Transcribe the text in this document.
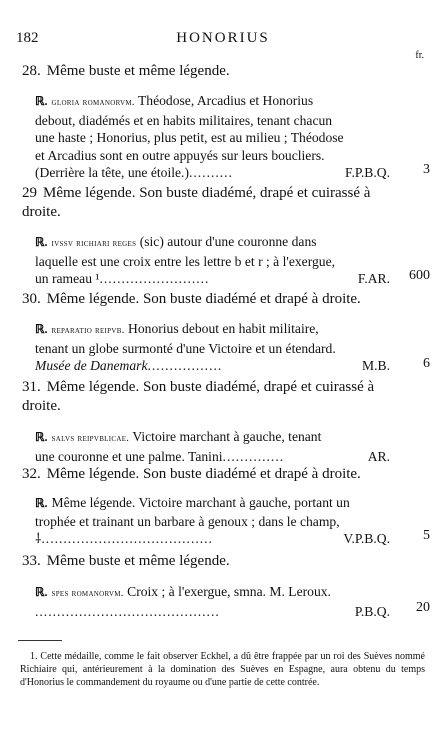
182	HONORIUS
fr.
28. Même buste et même légende.
ℝ. gloria romanorvm. Théodose, Arcadius et Honorius
debout, diadémés et en habits militaires, tenant chacun
une haste ; Honorius, plus petit, est au milieu ; Théodose
et Arcadius sont en outre appuyés sur leurs boucliers.
(Derrière la tête, une étoile.)..........	F.P.B.Q. 3
29 Même légende. Son buste diadémé, drapé et cuirassé à
droite.
ℝ. ivssv richiari reges (sic) autour d'une couronne dans
laquelle est une croix entre les lettre b et r ; à l'exergue,
un rameau ¹.........................	F.AR. 600
30. Même légende. Son buste diadémé et drapé à droite.
ℝ. reparatio reipvb. Honorius debout en habit militaire,
tenant un globe surmonté d'une Victoire et un étendard.
Musée de Danemark.................	M.B. 6
31. Même légende. Son buste diadémé, drapé et cuirassé à
droite.
ℝ. salvs reipvblicae. Victoire marchant à gauche, tenant
une couronne et une palme. Tanini..............	AR.
32. Même légende. Son buste diadémé et drapé à droite.
ℝ. Même légende. Victoire marchant à gauche, portant un
trophée et trainant un barbare à genoux ; dans le champ,
⸸.......................................	V.P.B.Q. 5
33. Même buste et même légende.
ℝ. spes romanorvm. Croix ; à l'exergue, smna. M. Leroux.
..........................................	P.B.Q. 20
1. Cette médaille, comme le fait observer Eckhel, a dû être frappée par un roi des Suèves nommé Richiaire qui, antérieurement à la domination des Suèves en Espagne, aura obtenu du temps d'Honorius le commandement du royaume ou d'une partie de cette contrée.
